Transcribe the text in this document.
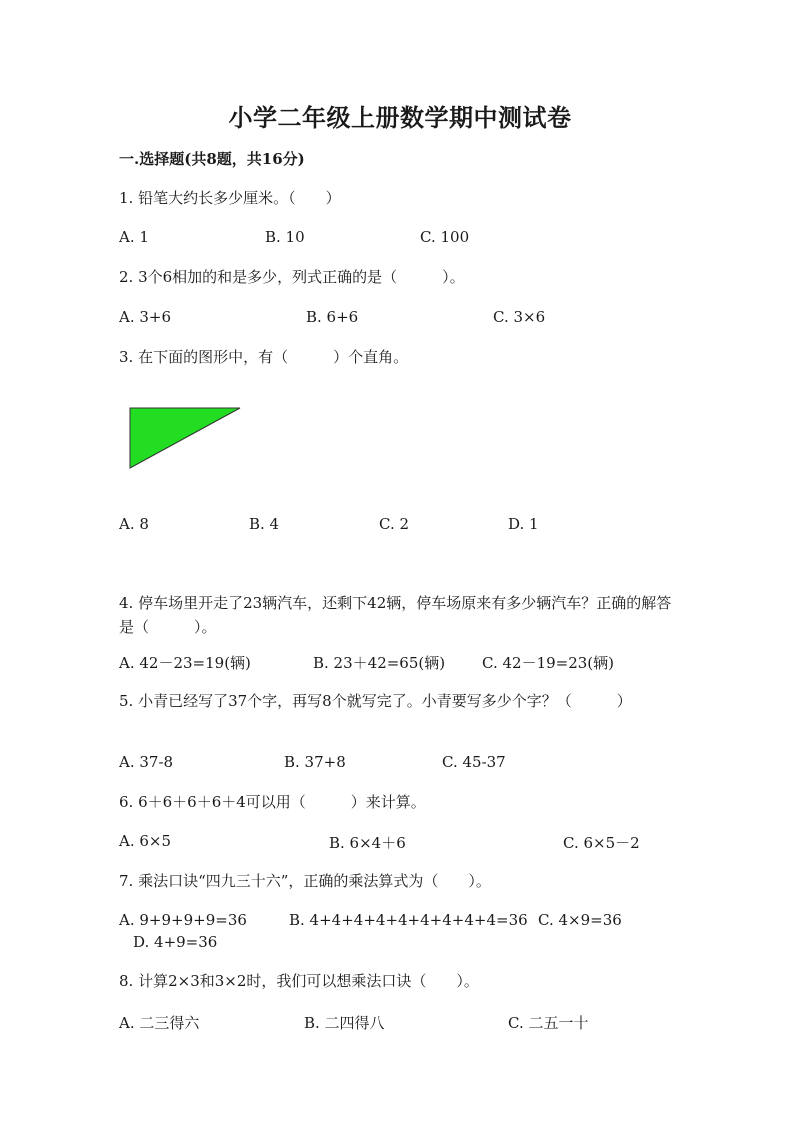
小学二年级上册数学期中测试卷
一.选择题(共8题，共16分)
1. 铅笔大约长多少厘米。（　　）
A. 1	B. 10	C. 100
2. 3个6相加的和是多少，列式正确的是（　　　）。
A. 3+6	B. 6+6	C. 3×6
3. 在下面的图形中，有（　　　）个直角。
A. 8	B. 4	C. 2	D. 1
4. 停车场里开走了23辆汽车，还剩下42辆，停车场原来有多少辆汽车？正确的解答是（　　　）。
A. 42－23=19(辆)	B. 23＋42=65(辆) C. 42－19=23(辆)
5. 小青已经写了37个字，再写8个就写完了。小青要写多少个字？（　　　）
A. 37-8	B. 37+8	C. 45-37
6. 6＋6＋6＋6＋4可以用（　　　）来计算。
A. 6×5	B. 6×4＋6	C. 6×5－2
7. 乘法口诀“四九三十六”，正确的乘法算式为（　　）。
A. 9+9+9+9=36	B. 4+4+4+4+4+4+4+4+4=36 C. 4×9=36
D. 4+9=36
8. 计算2×3和3×2时，我们可以想乘法口诀（　　）。
A. 二三得六	B. 二四得八	C. 二五一十
